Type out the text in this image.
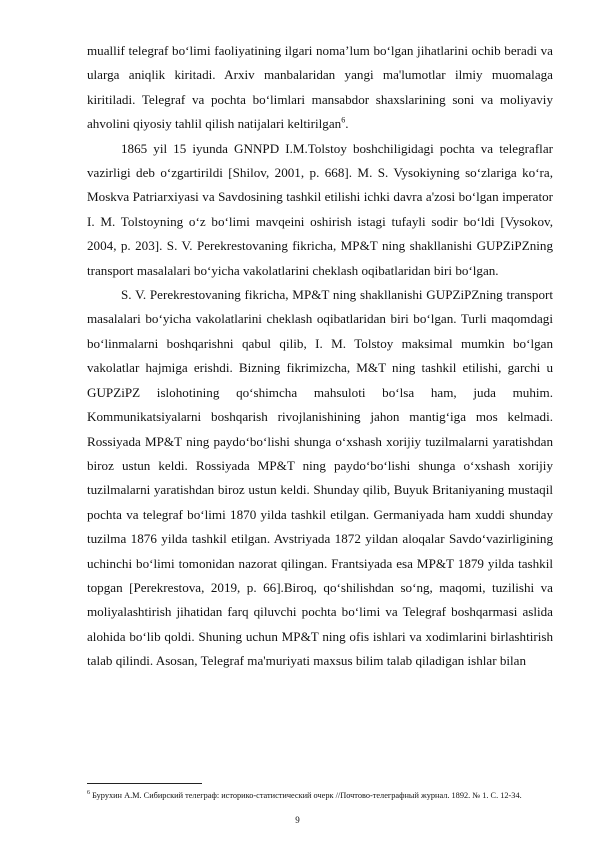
muallif telegraf bo‘limi faoliyatining ilgari noma’lum bo‘lgan jihatlarini ochib beradi va ularga aniqlik kiritadi. Arxiv manbalaridan yangi ma'lumotlar ilmiy muomalaga kiritiladi. Telegraf va pochta bo‘limlari mansabdor shaxslarining soni va moliyaviy ahvolini qiyosiy tahlil qilish natijalari keltirilgan$^6$.

1865 yil 15 iyunda GNNPD I.M.Tolstoy boshchiligidagi pochta va telegraflar vazirligi deb o‘zgartirildi [Shilov, 2001, p. 668]. M. S. Vysokiyning so‘zlariga ko‘ra, Moskva Patriarxiyasi va Savdosining tashkil etilishi ichki davra a'zosi bo‘lgan imperator I. M. Tolstoyning o‘z bo‘limi mavqeini oshirish istagi tufayli sodir bo‘ldi [Vysokov, 2004, p. 203]. S. V. Perekrestovaning fikricha, MP&T ning shakllanishi GUPZiPZning transport masalalari bo‘yicha vakolatlarini cheklash oqibatlaridan biri bo‘lgan.

S. V. Perekrestovaning fikricha, MP&T ning shakllanishi GUPZiPZning transport masalalari bo‘yicha vakolatlarini cheklash oqibatlaridan biri bo‘lgan. Turli maqomdagi bo‘linmalarni boshqarishni qabul qilib, I. M. Tolstoy maksimal mumkin bo‘lgan vakolatlar hajmiga erishdi. Bizning fikrimizcha, M&T ning tashkil etilishi, garchi u GUPZiPZ islohotining qo‘shimcha mahsuloti bo‘lsa ham, juda muhim. Kommunikatsiyalarni boshqarish rivojlanishining jahon mantig‘iga mos kelmadi. Rossiyada MP&T ning paydo‘bo‘lishi shunga o‘xshash xorijiy tuzilmalarni yaratishdan biroz ustun keldi. Rossiyada MP&T ning paydo‘bo‘lishi shunga o‘xshash xorijiy tuzilmalarni yaratishdan biroz ustun keldi. Shunday qilib, Buyuk Britaniyaning mustaqil pochta va telegraf bo‘limi 1870 yilda tashkil etilgan. Germaniyada ham xuddi shunday tuzilma 1876 yilda tashkil etilgan. Avstriyada 1872 yildan aloqalar Savdo‘vazirligining uchinchi bo‘limi tomonidan nazorat qilingan. Frantsiyada esa MP&T 1879 yilda tashkil topgan [Perekrestova, 2019, p. 66].Biroq, qo‘shilishdan so‘ng, maqomi, tuzilishi va moliyalashtirish jihatidan farq qiluvchi pochta bo‘limi va Telegraf boshqarmasi aslida alohida bo‘lib qoldi. Shuning uchun MP&T ning ofis ishlari va xodimlarini birlashtirish talab qilindi. Asosan, Telegraf ma'muriyati maxsus bilim talab qiladigan ishlar bilan

$^6$ Бурухин А.М. Сибирский телеграф: историко-статистический очерк //Почтово-телеграфный журнал. 1892. № 1. С. 12-34.

9
